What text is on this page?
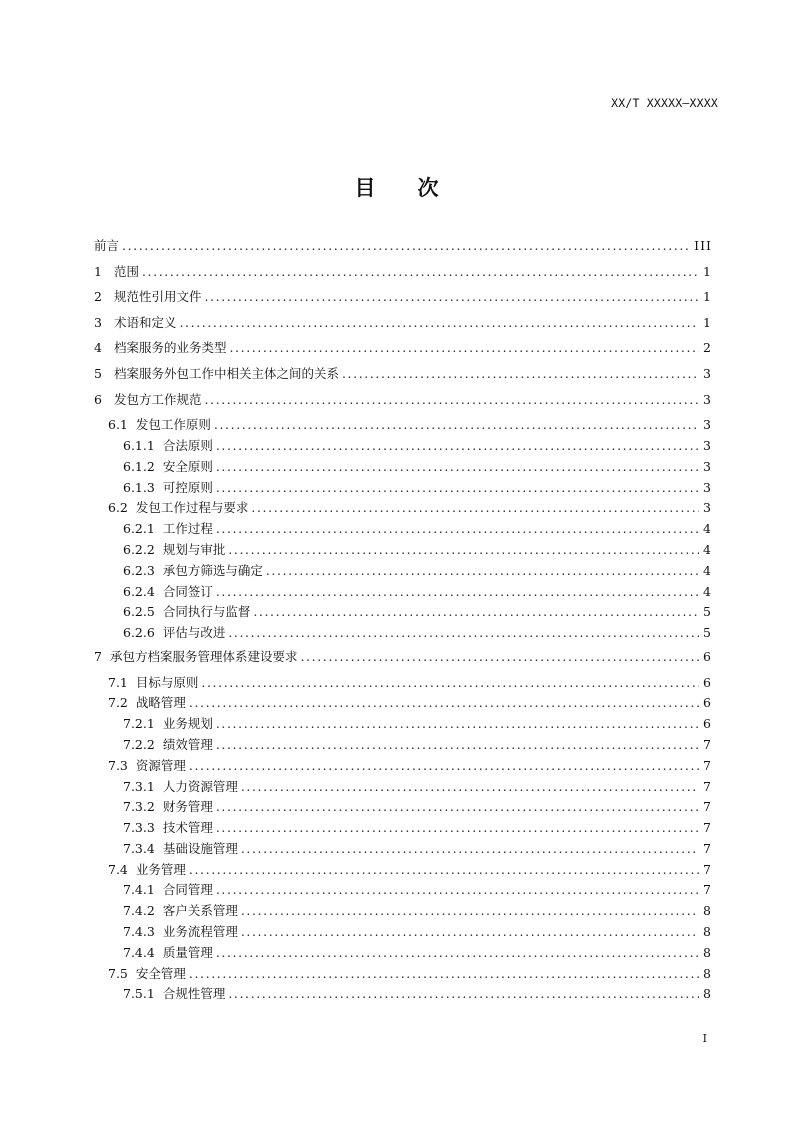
XX/T XXXXX—XXXX
目 次
前言 .....	III
1 范围 .....	1
2 规范性引用文件 .....	1
3 术语和定义 .....	1
4 档案服务的业务类型 .....	2
5 档案服务外包工作中相关主体之间的关系 .....	3
6 发包方工作规范 .....	3
6.1 发包工作原则 .....	3
6.1.1 合法原则 .....	3
6.1.2 安全原则 .....	3
6.1.3 可控原则 .....	3
6.2 发包工作过程与要求 .....	3
6.2.1 工作过程 .....	4
6.2.2 规划与审批 .....	4
6.2.3 承包方筛选与确定 .....	4
6.2.4 合同签订 .....	4
6.2.5 合同执行与监督 .....	5
6.2.6 评估与改进 .....	5
7 承包方档案服务管理体系建设要求 .....	6
7.1 目标与原则 .....	6
7.2 战略管理 .....	6
7.2.1 业务规划 .....	6
7.2.2 绩效管理 .....	7
7.3 资源管理 .....	7
7.3.1 人力资源管理 .....	7
7.3.2 财务管理 .....	7
7.3.3 技术管理 .....	7
7.3.4 基础设施管理 .....	7
7.4 业务管理 .....	7
7.4.1 合同管理 .....	7
7.4.2 客户关系管理 .....	8
7.4.3 业务流程管理 .....	8
7.4.4 质量管理 .....	8
7.5 安全管理 .....	8
7.5.1 合规性管理 .....	8
I
